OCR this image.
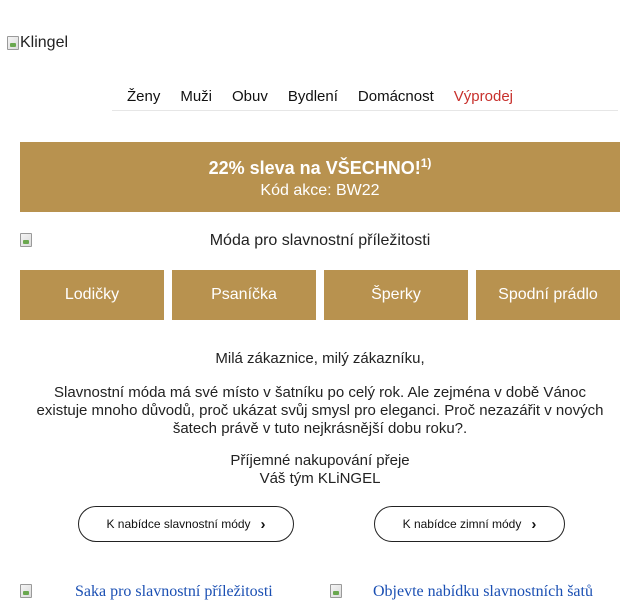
Klingel
Ženy	Muži	Obuv	Bydlení	Domácnost	Výprodej
22% sleva na VŠECHNO!$^{1)}$
Kód akce: BW22
Móda pro slavnostní příležitosti
Lodičky	Psaníčka	Šperky	Spodní prádlo
Milá zákaznice, milý zákazníku,
Slavnostní móda má své místo v šatníku po celý rok. Ale zejména v době Vánoc existuje mnoho důvodů, proč ukázat svůj smysl pro eleganci. Proč nezazářit v nových šatech právě v tuto nejkrásnější dobu roku?.
Příjemné nakupování přeje
Váš tým KLiNGEL
K nabídce slavnostní módy ›	K nabídce zimní módy ›
Saka pro slavnostní příležitosti	Objevte nabídku slavnostních šatů
